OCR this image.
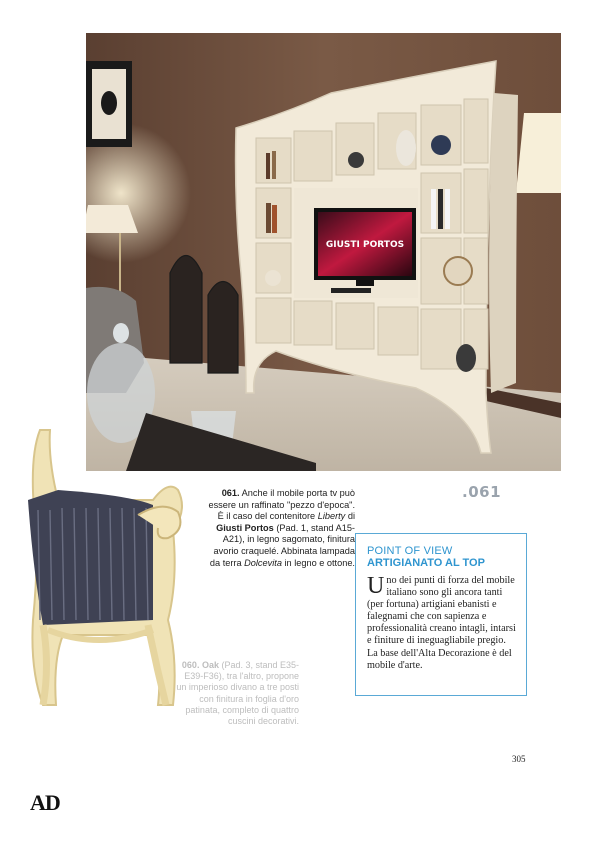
GIUSTI PORTOS
.061
061. Anche il mobile porta tv può essere un raffinato "pezzo d'epoca". È il caso del contenitore Liberty di Giusti Portos (Pad. 1, stand A15-A21), in legno sagomato, finitura avorio craquelé. Abbinata lampada da terra Dolcevita in legno e ottone.
060. Oak (Pad. 3, stand E35-E39-F36), tra l'altro, propone un imperioso divano a tre posti con finitura in foglia d'oro patinata, completo di quattro cuscini decorativi.
POINT OF VIEW
ARTIGIANATO AL TOP
Uno dei punti di forza del mobile italiano sono gli ancora tanti (per fortuna) artigiani ebanisti e falegnami che con sapienza e professionalità creano intagli, intarsi e finiture di ineguagliabile pregio. La base dell'Alta Decorazione è del mobile d'arte.
305
AD
